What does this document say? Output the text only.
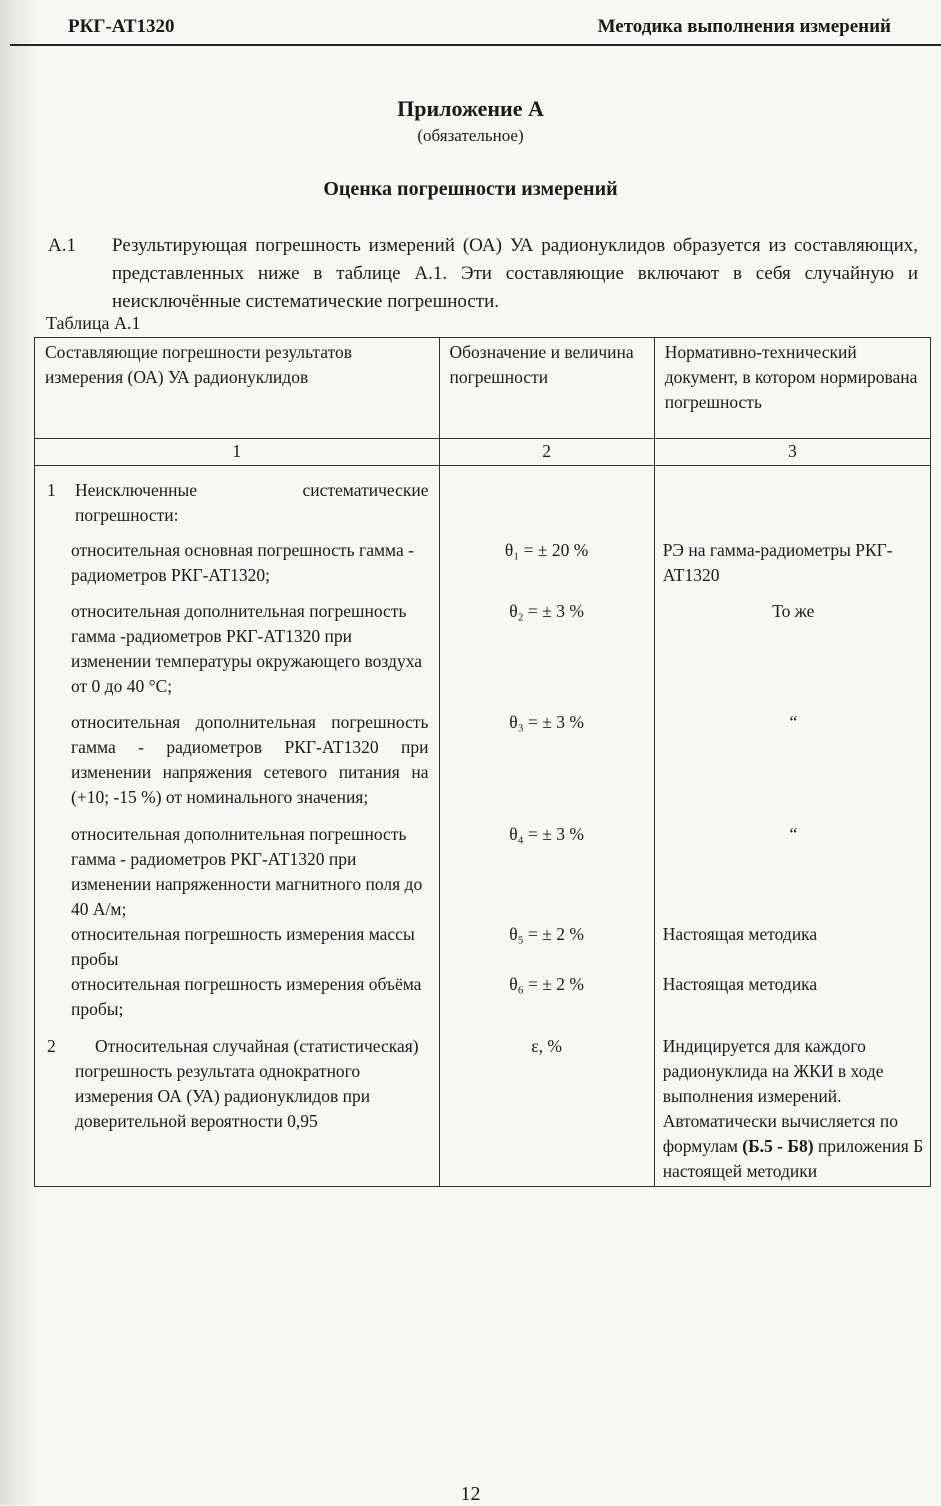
РКГ-АТ1320	Методика выполнения измерений
Приложение А
(обязательное)
Оценка погрешности измерений
А.1 Результирующая погрешность измерений (ОА) УА радионуклидов образуется из составляющих, представленных ниже в таблице А.1. Эти составляющие включают в себя случайную и неисключённые систематические погрешности.
Таблица А.1
Составляющие погрешности результатов измерения (ОА) УА радионуклидов	Обозначение и величина погрешности	Нормативно-технический документ, в котором нормирована погрешность
1	2	3

1 Неисключенные систематические погрешности:		

относительная основная погрешность гамма - радиометров РКГ-АТ1320;	θ₁ = ± 20 %	РЭ на гамма-радиометры РКГ-АТ1320

относительная дополнительная погрешность гамма -радиометров РКГ-АТ1320 при изменении температуры окружающего воздуха от 0 до 40 °С;	θ₂ = ± 3 %	То же

относительная дополнительная погрешность гамма - радиометров РКГ-АТ1320 при изменении напряжения сетевого питания на (+10; -15 %) от номинального значения;	θ₃ = ± 3 %	“

относительная дополнительная погрешность гамма - радиометров РКГ-АТ1320 при изменении напряженности магнитного поля до 40 А/м;	θ₄ = ± 3 %	“

относительная погрешность измерения массы пробы	θ₅ = ± 2 %	Настоящая методика

относительная погрешность измерения объёма пробы;	θ₆ = ± 2 %	Настоящая методика

2 Относительная случайная (статистическая) погрешность результата однократного измерения ОА (УА) радионуклидов при доверительной вероятности 0,95	ε, %	Индицируется для каждого радионуклида на ЖКИ в ходе выполнения измерений. Автоматически вычисляется по формулам (Б.5 - Б8) приложения Б настоящей методики
12
